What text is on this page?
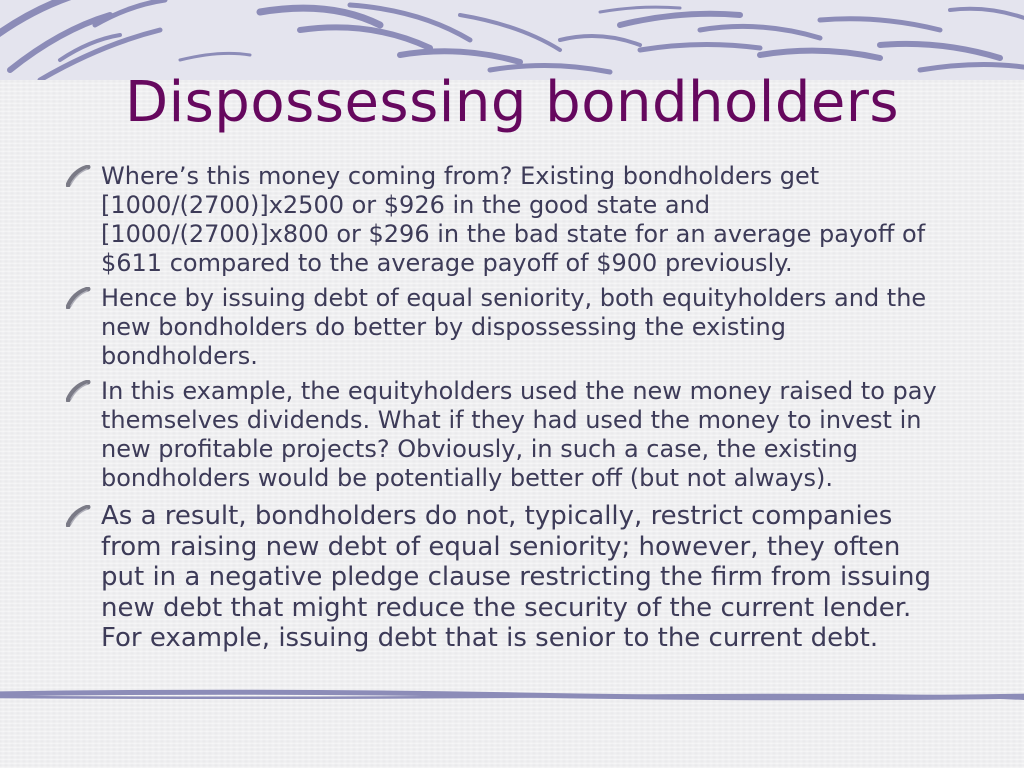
Dispossessing bondholders
Where’s this money coming from? Existing bondholders get [1000/(2700)]x2500 or $926 in the good state and [1000/(2700)]x800 or $296 in the bad state for an average payoff of $611 compared to the average payoff of $900 previously.
Hence by issuing debt of equal seniority, both equityholders and the new bondholders do better by dispossessing the existing bondholders.
In this example, the equityholders used the new money raised to pay themselves dividends. What if they had used the money to invest in new profitable projects? Obviously, in such a case, the existing bondholders would be potentially better off (but not always).
As a result, bondholders do not, typically, restrict companies from raising new debt of equal seniority; however, they often put in a negative pledge clause restricting the firm from issuing new debt that might reduce the security of the current lender. For example, issuing debt that is senior to the current debt.
